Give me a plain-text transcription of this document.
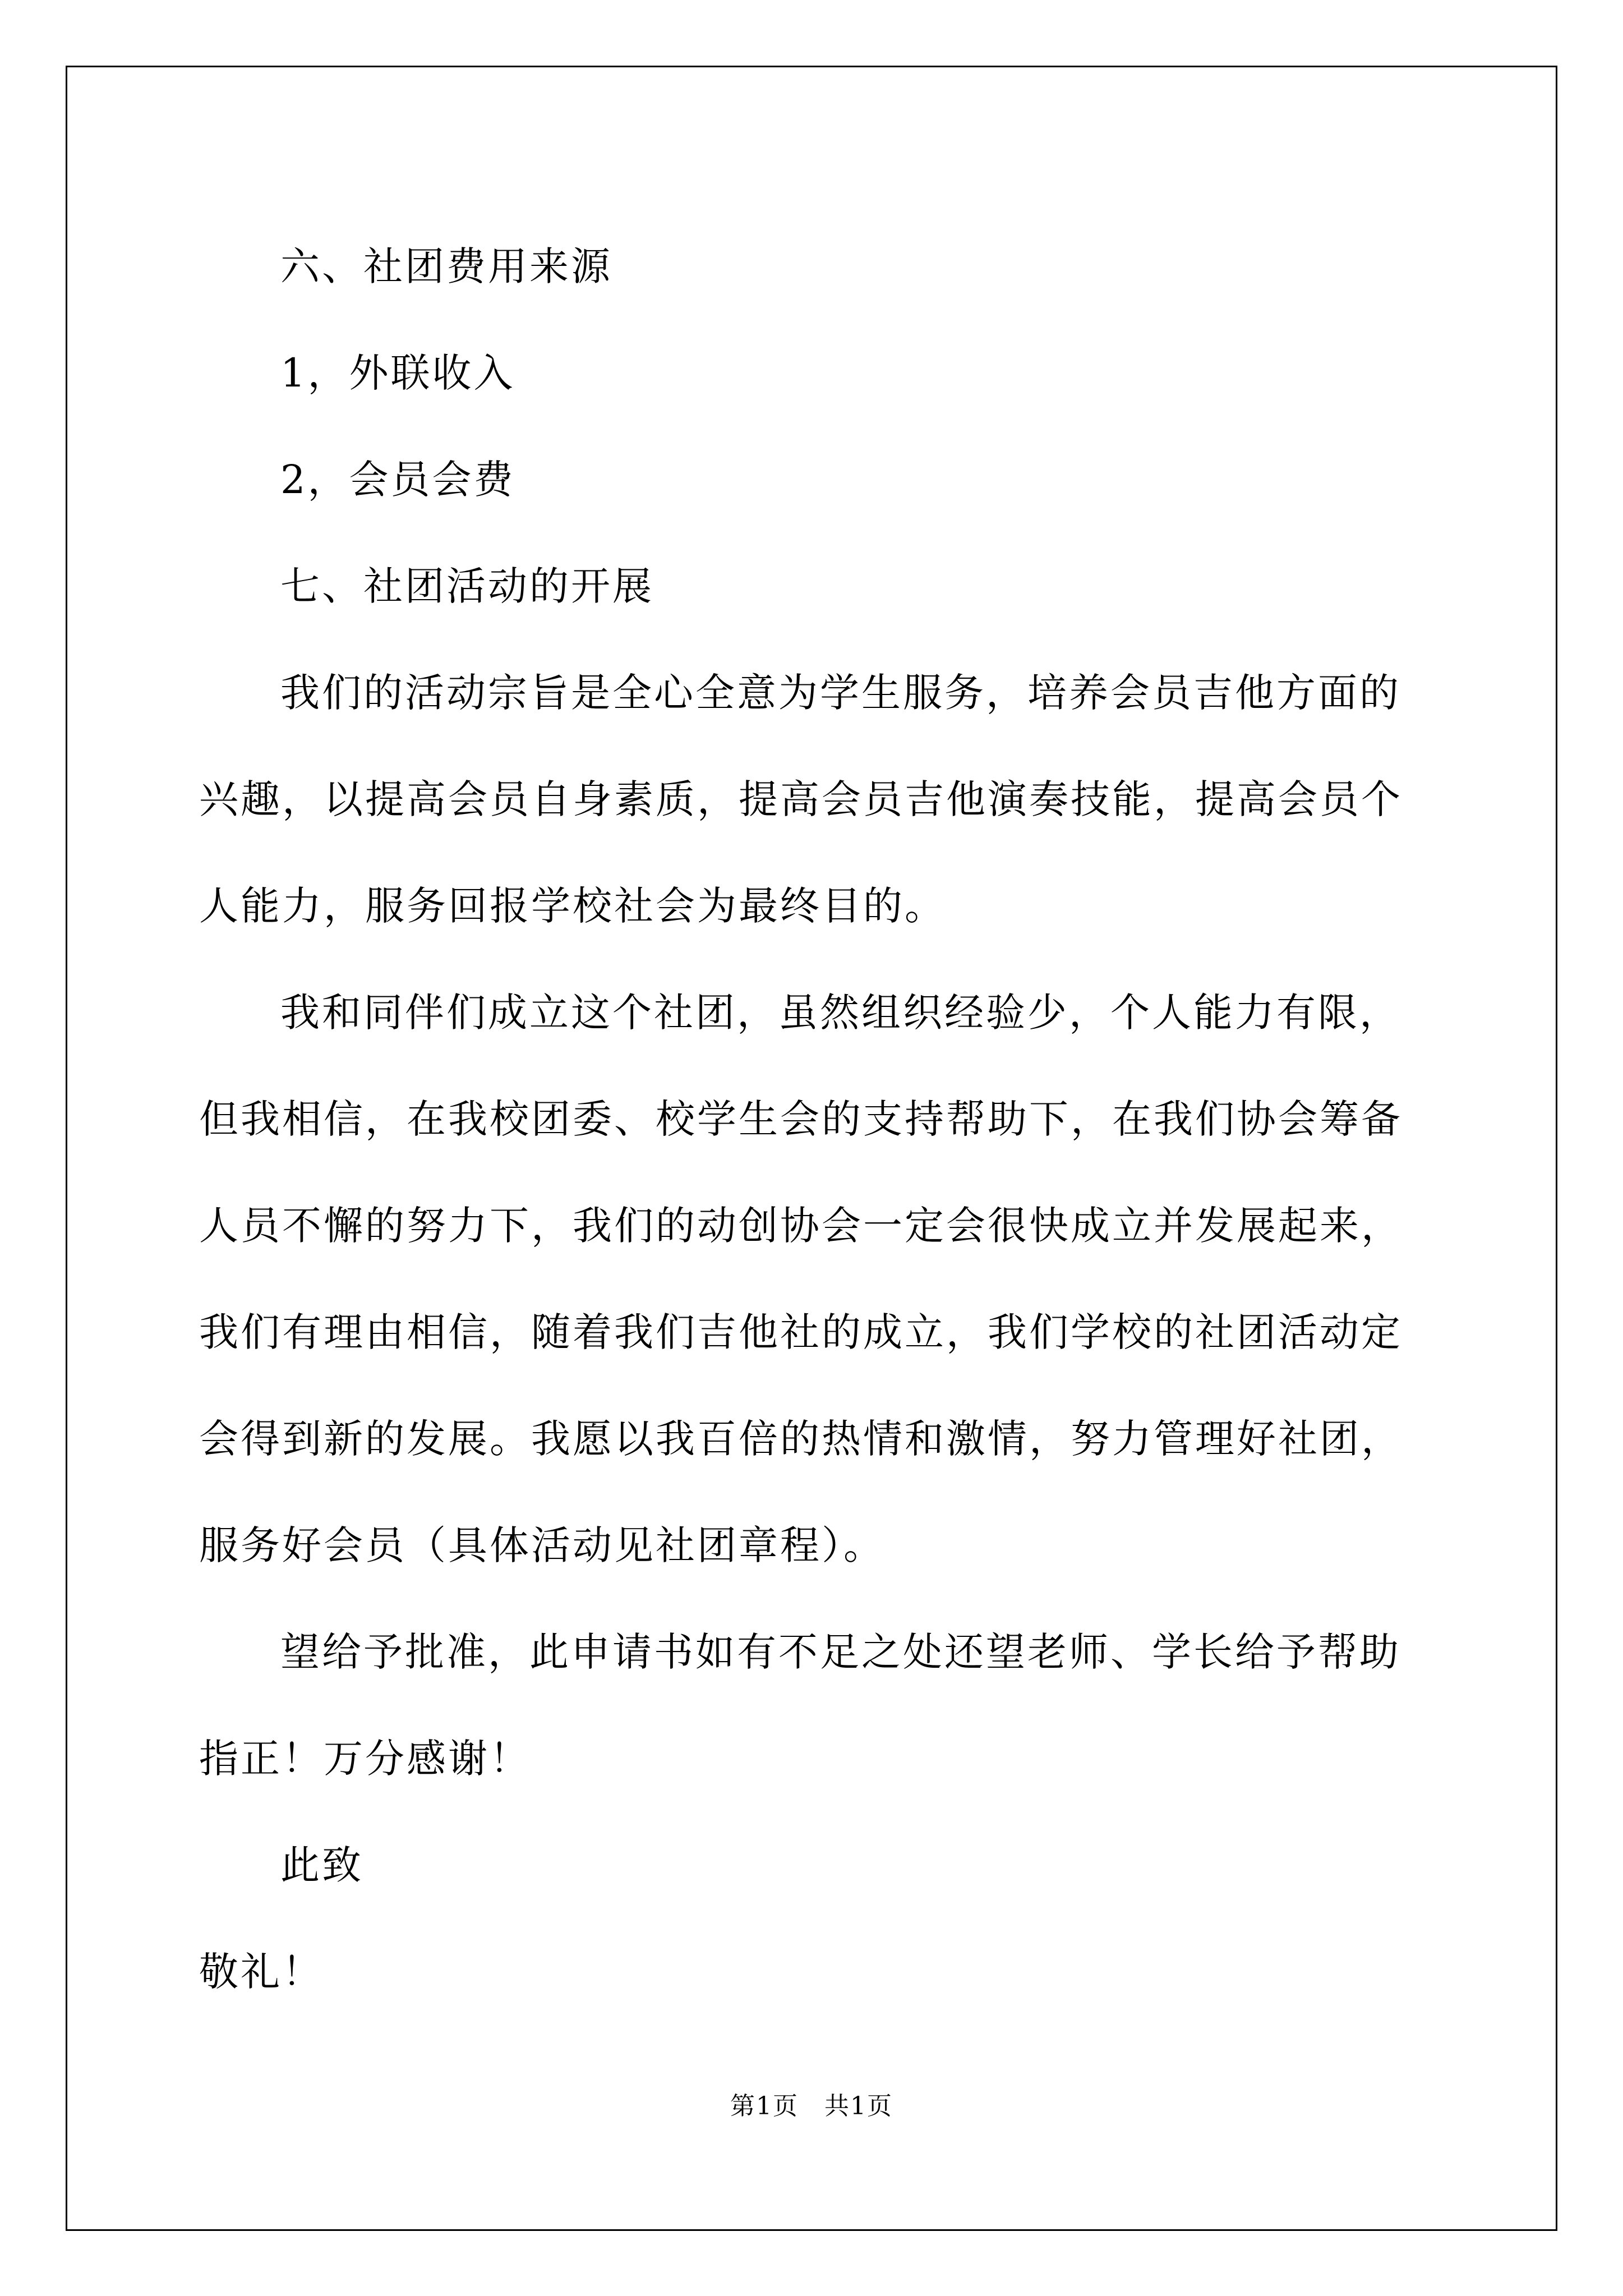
六、社团费用来源

1，外联收入

2，会员会费

七、社团活动的开展

我们的活动宗旨是全心全意为学生服务，培养会员吉他方面的兴趣，以提高会员自身素质，提高会员吉他演奏技能，提高会员个人能力，服务回报学校社会为最终目的。

我和同伴们成立这个社团，虽然组织经验少，个人能力有限，但我相信，在我校团委、校学生会的支持帮助下，在我们协会筹备人员不懈的努力下，我们的动创协会一定会很快成立并发展起来，我们有理由相信，随着我们吉他社的成立，我们学校的社团活动定会得到新的发展。我愿以我百倍的热情和激情，努力管理好社团，服务好会员（具体活动见社团章程）。

望给予批准，此申请书如有不足之处还望老师、学长给予帮助指正！万分感谢！

此致

敬礼！

第1页　共1页
